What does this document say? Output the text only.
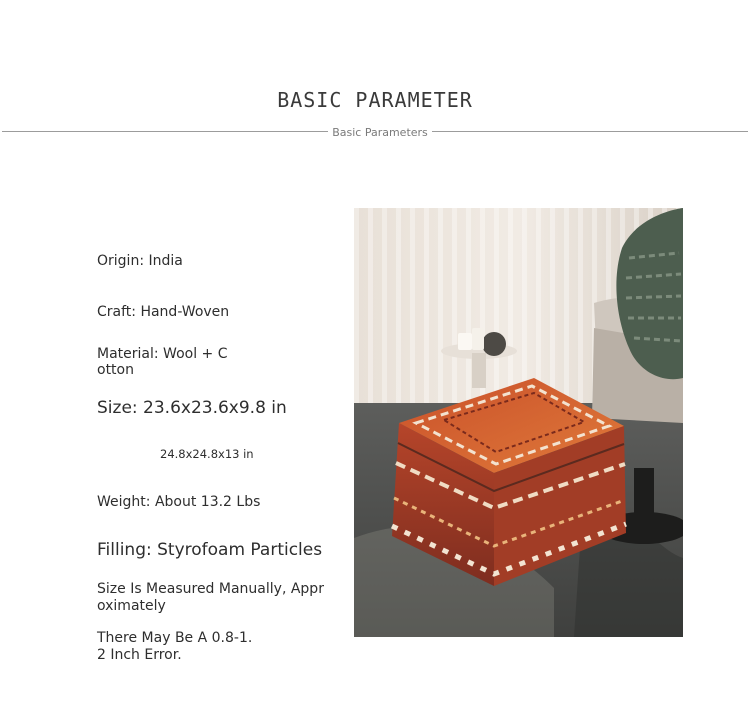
BASIC PARAMETER
Basic Parameters
Origin: India
Craft: Hand-Woven
Material: Wool + C otton
Size: 23.6x23.6x9.8 in
24.8x24.8x13 in
Weight: About 13.2 Lbs
Filling: Styrofoam Particles
Size Is Measured Manually, Approximately
There May Be A 0.8-1. 2 Inch Error.
